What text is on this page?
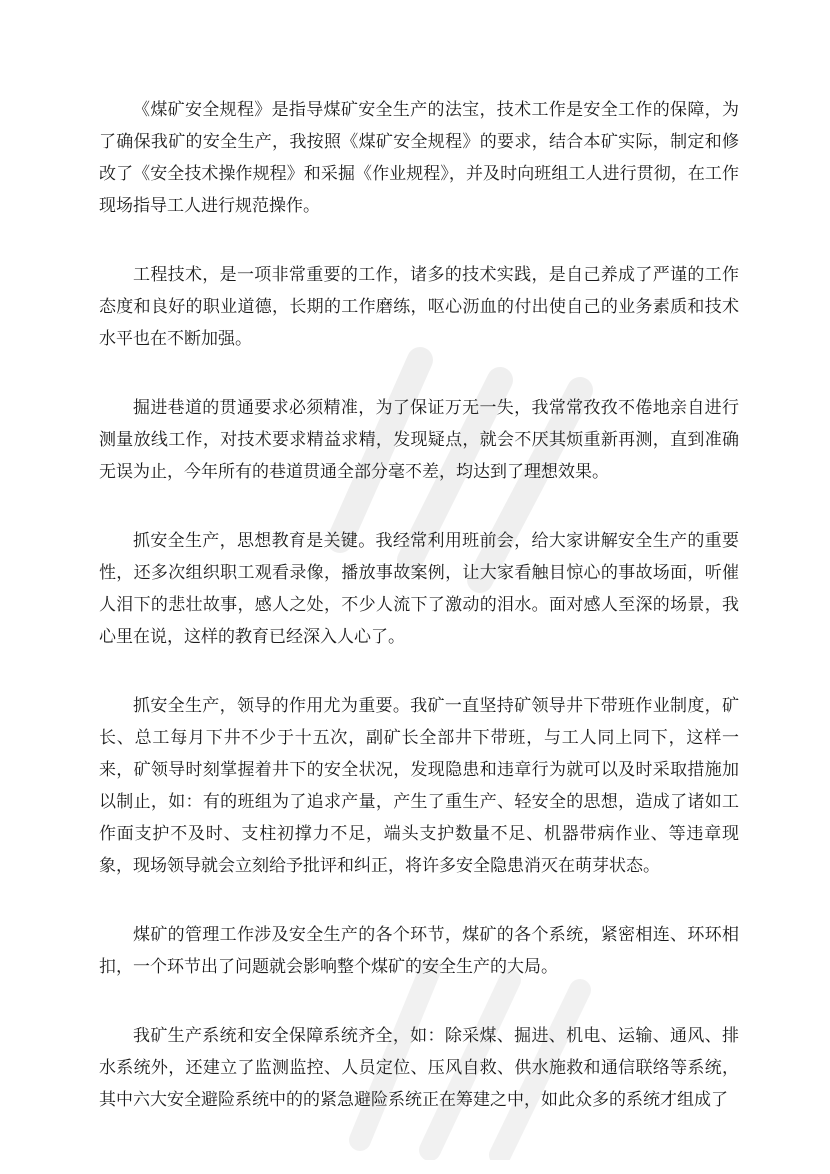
《煤矿安全规程》是指导煤矿安全生产的法宝，技术工作是安全工作的保障，为了确保我矿的安全生产，我按照《煤矿安全规程》的要求，结合本矿实际，制定和修改了《安全技术操作规程》和采掘《作业规程》，并及时向班组工人进行贯彻，在工作现场指导工人进行规范操作。

工程技术，是一项非常重要的工作，诸多的技术实践，是自己养成了严谨的工作态度和良好的职业道德，长期的工作磨练，呕心沥血的付出使自己的业务素质和技术水平也在不断加强。

掘进巷道的贯通要求必须精准，为了保证万无一失，我常常孜孜不倦地亲自进行测量放线工作，对技术要求精益求精，发现疑点，就会不厌其烦重新再测，直到准确无误为止，今年所有的巷道贯通全部分毫不差，均达到了理想效果。

抓安全生产，思想教育是关键。我经常利用班前会，给大家讲解安全生产的重要性，还多次组织职工观看录像，播放事故案例，让大家看触目惊心的事故场面，听催人泪下的悲壮故事，感人之处，不少人流下了激动的泪水。面对感人至深的场景，我心里在说，这样的教育已经深入人心了。

抓安全生产，领导的作用尤为重要。我矿一直坚持矿领导井下带班作业制度，矿长、总工每月下井不少于十五次，副矿长全部井下带班，与工人同上同下，这样一来，矿领导时刻掌握着井下的安全状况，发现隐患和违章行为就可以及时采取措施加以制止，如：有的班组为了追求产量，产生了重生产、轻安全的思想，造成了诸如工作面支护不及时、支柱初撑力不足，端头支护数量不足、机器带病作业、等违章现象，现场领导就会立刻给予批评和纠正，将许多安全隐患消灭在萌芽状态。

煤矿的管理工作涉及安全生产的各个环节，煤矿的各个系统，紧密相连、环环相扣，一个环节出了问题就会影响整个煤矿的安全生产的大局。

我矿生产系统和安全保障系统齐全，如：除采煤、掘进、机电、运输、通风、排水系统外，还建立了监测监控、人员定位、压风自救、供水施救和通信联络等系统，其中六大安全避险系统中的的紧急避险系统正在筹建之中，如此众多的系统才组成了
